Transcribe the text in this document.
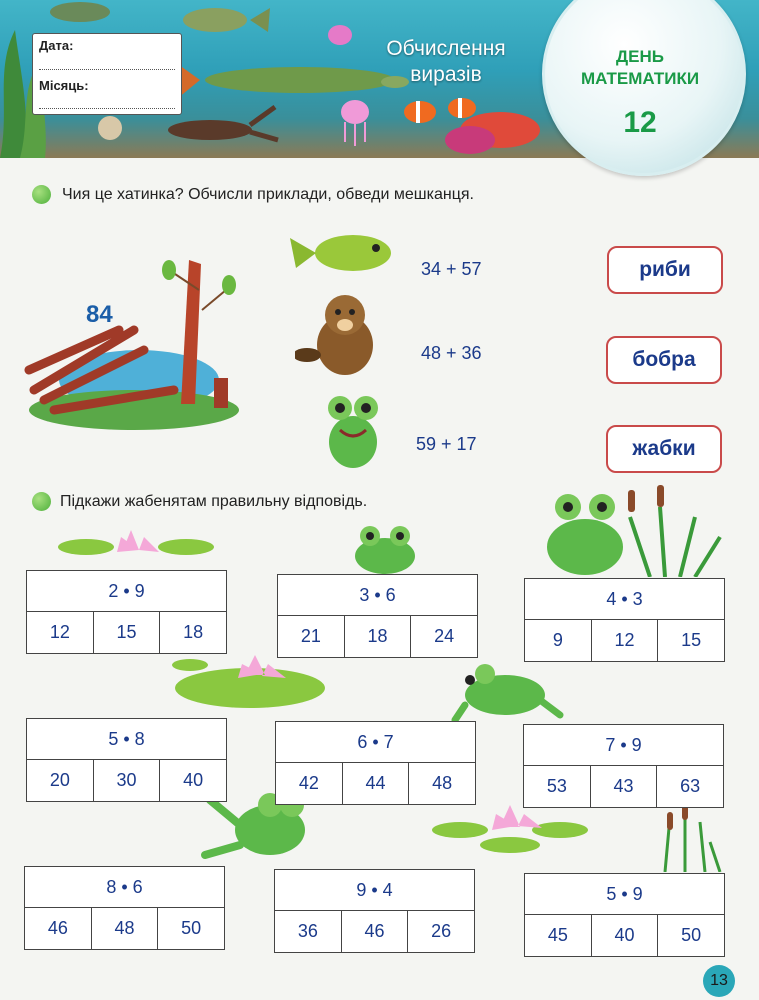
Дата:
Місяць:
Обчислення
виразів
ДЕНЬ
МАТЕМАТИКИ
12
Чия це хатинка? Обчисли приклади, обведи мешканця.
84
34 + 57
48 + 36
59 + 17
риби
бобра
жабки
Підкажи жабенятам правильну відповідь.
2 • 9
12	15	18
3 • 6
21	18	24
4 • 3
9	12	15
5 • 8
20	30	40
6 • 7
42	44	48
7 • 9
53	43	63
8 • 6
46	48	50
9 • 4
36	46	26
5 • 9
45	40	50
13
